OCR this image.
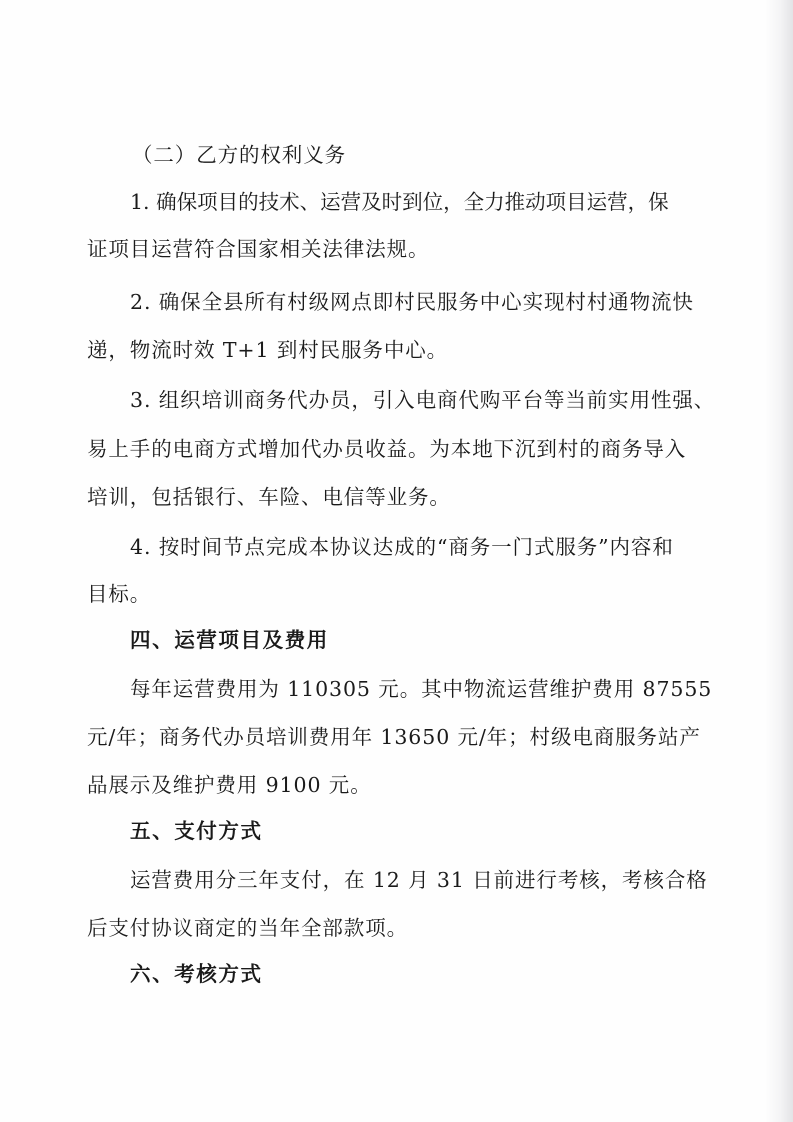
（二）乙方的权利义务
1. 确保项目的技术、运营及时到位，全力推动项目运营，保
证项目运营符合国家相关法律法规。
2. 确保全县所有村级网点即村民服务中心实现村村通物流快
递，物流时效 T+1 到村民服务中心。
3. 组织培训商务代办员，引入电商代购平台等当前实用性强、
易上手的电商方式增加代办员收益。为本地下沉到村的商务导入
培训，包括银行、车险、电信等业务。
4. 按时间节点完成本协议达成的“商务一门式服务”内容和
目标。
四、运营项目及费用
每年运营费用为 110305 元。其中物流运营维护费用 87555
元/年；商务代办员培训费用年 13650 元/年；村级电商服务站产
品展示及维护费用 9100 元。
五、支付方式
运营费用分三年支付，在 12 月 31 日前进行考核，考核合格
后支付协议商定的当年全部款项。
六、考核方式
